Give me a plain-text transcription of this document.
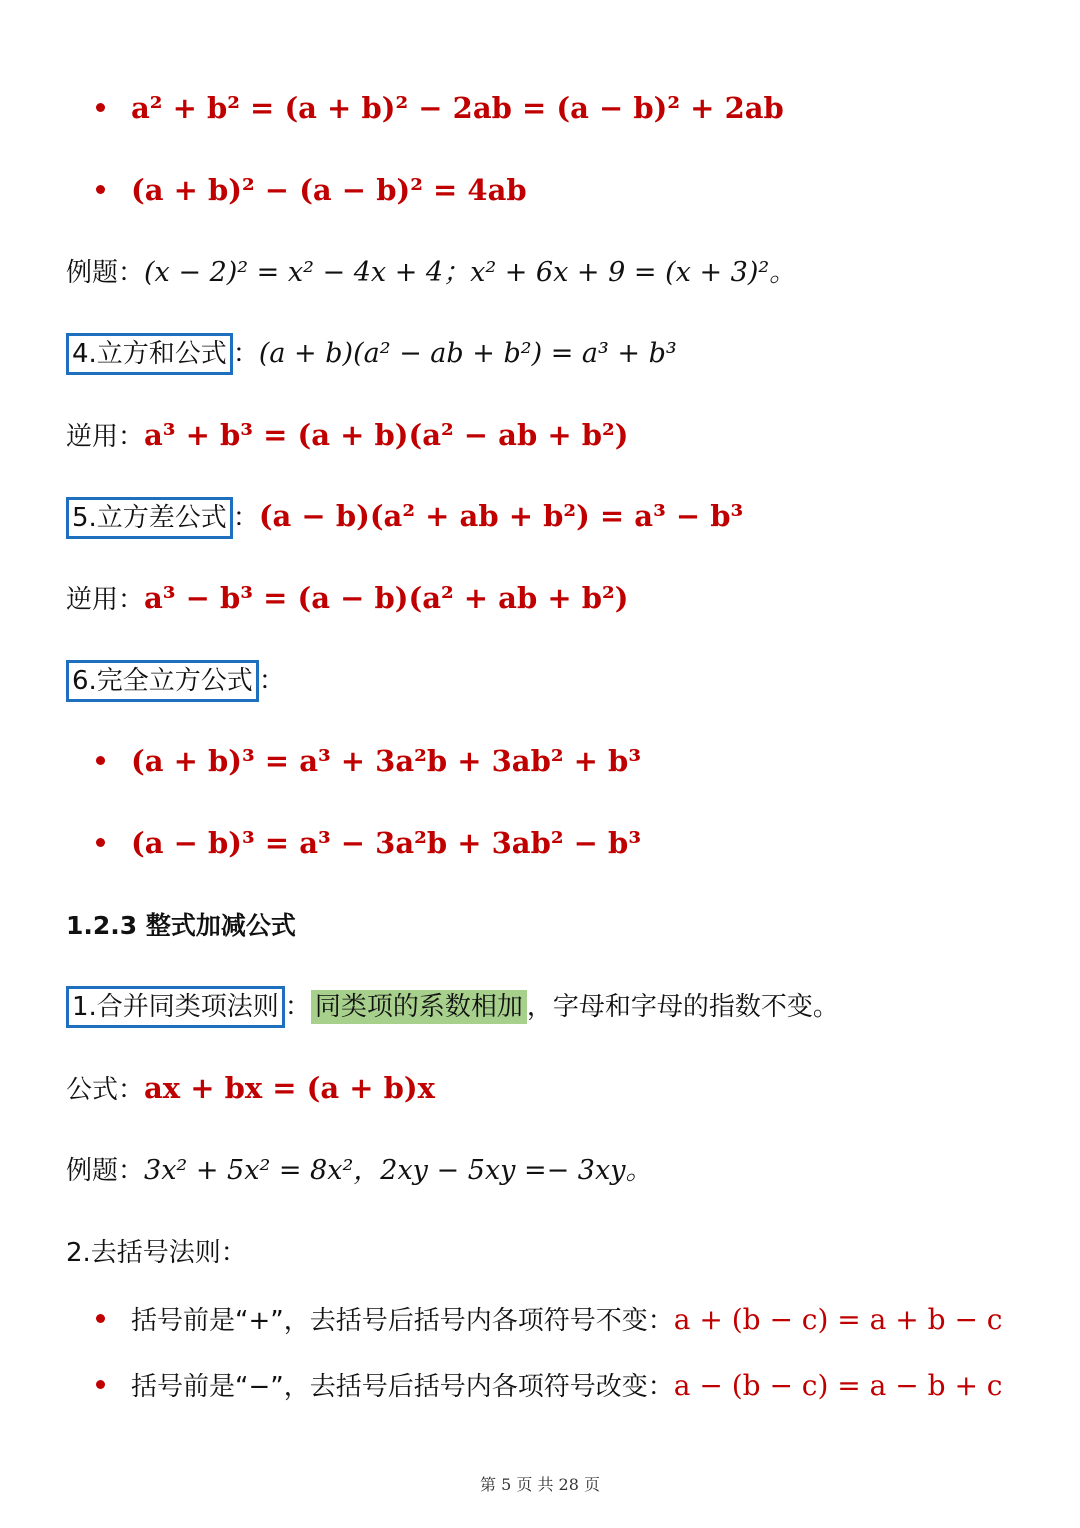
a² + b² = (a + b)² − 2ab = (a − b)² + 2ab
(a + b)² − (a − b)² = 4ab
例题：(x − 2)² = x² − 4x + 4；x² + 6x + 9 = (x + 3)²。
4.立方和公式 ：(a + b)(a² − ab + b²) = a³ + b³
逆用：a³ + b³ = (a + b)(a² − ab + b²)
5.立方差公式 ：(a − b)(a² + ab + b²) = a³ − b³
逆用：a³ − b³ = (a − b)(a² + ab + b²)
6.完全立方公式 ：
(a + b)³ = a³ + 3a²b + 3ab² + b³
(a − b)³ = a³ − 3a²b + 3ab² − b³
1.2.3 整式加减公式
1.合并同类项法则 ： 同类项的系数相加 ，字母和字母的指数不变。
公式：ax + bx = (a + b)x
例题：3x² + 5x² = 8x²，2xy − 5xy =− 3xy。
2.去括号法则：
括号前是“+”，去括号后括号内各项符号不变：a + (b − c) = a + b − c
括号前是“−”，去括号后括号内各项符号改变：a − (b − c) = a − b + c
第 5 页 共 28 页
